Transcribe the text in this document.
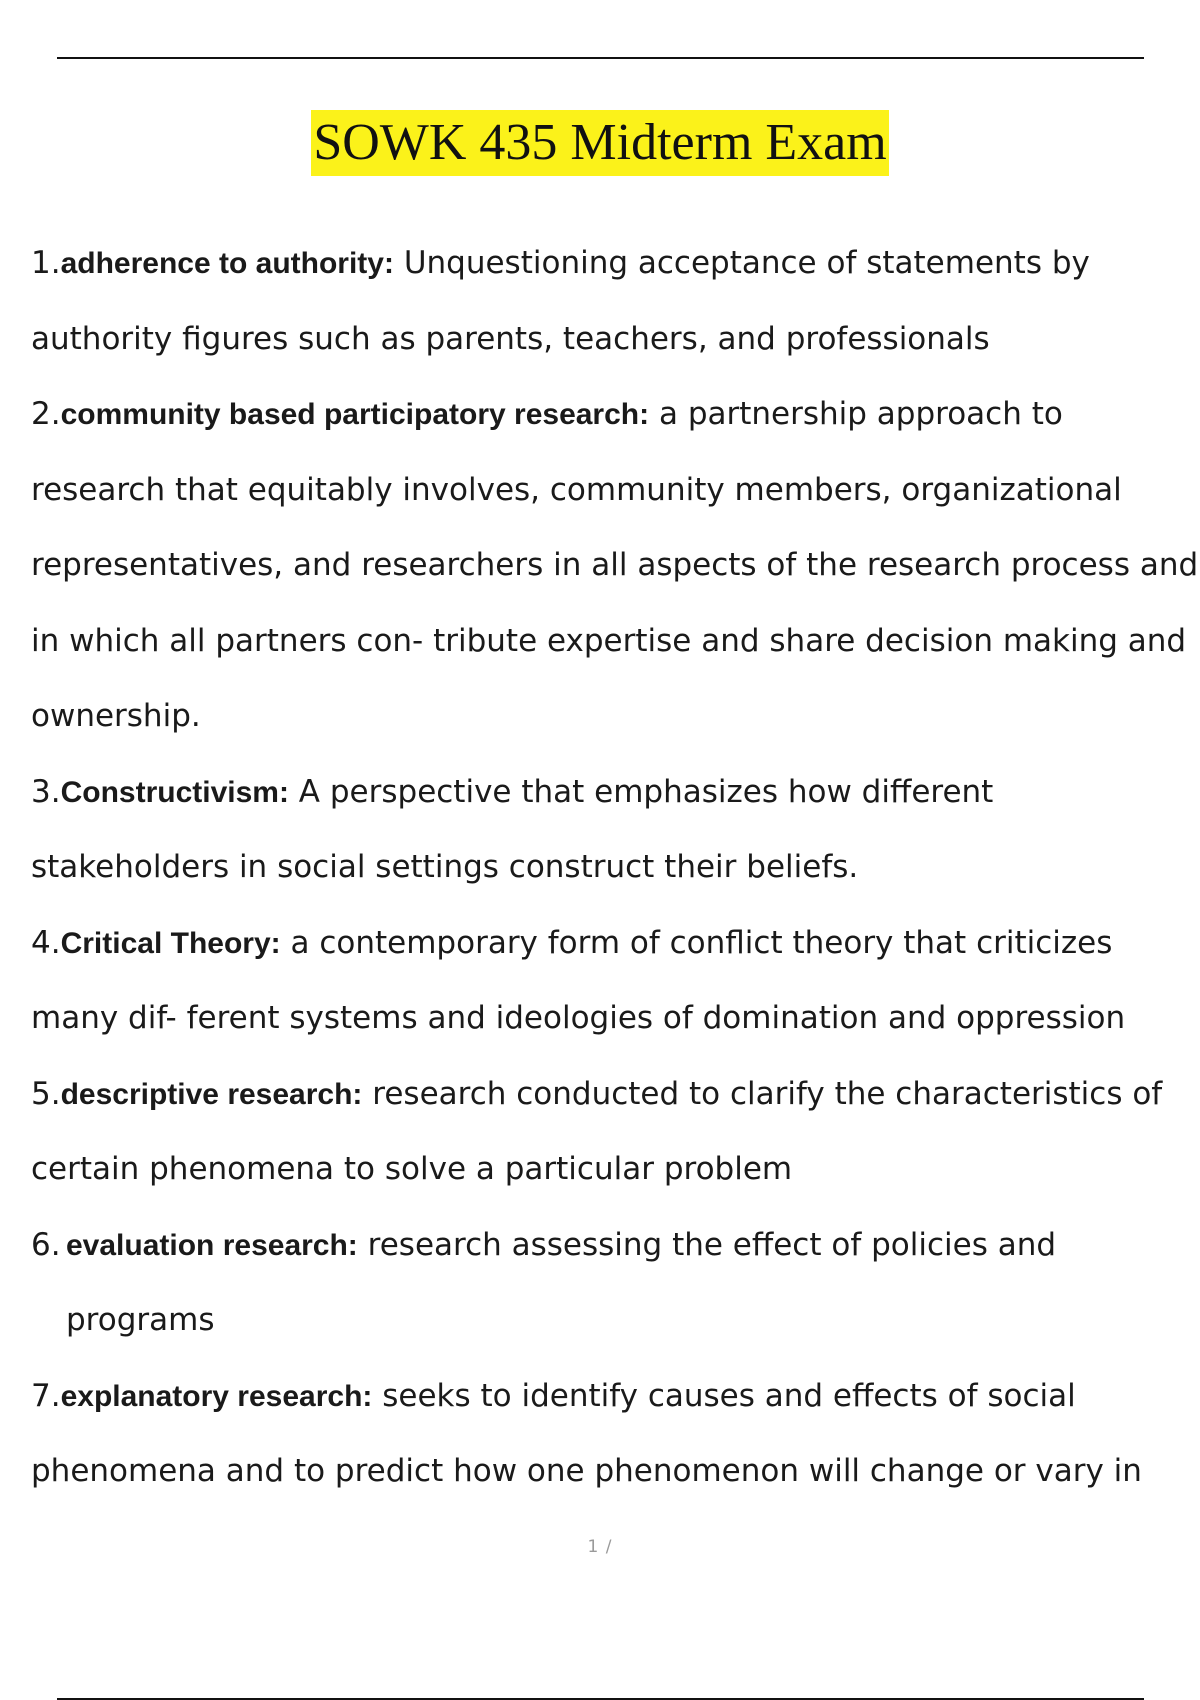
SOWK 435 Midterm Exam
1.adherence to authority: Unquestioning acceptance of statements by authority figures such as parents, teachers, and professionals
2.community based participatory research: a partnership approach to research that equitably involves, community members, organizational representatives, and researchers in all aspects of the research process and in which all partners con- tribute expertise and share decision making and ownership.
3.Constructivism: A perspective that emphasizes how different stakeholders in social settings construct their beliefs.
4.Critical Theory: a contemporary form of conflict theory that criticizes many dif- ferent systems and ideologies of domination and oppression
5.descriptive research: research conducted to clarify the characteristics of certain phenomena to solve a particular problem
6. evaluation research: research assessing the effect of policies and programs
7.explanatory research: seeks to identify causes and effects of social
phenomena and to predict how one phenomenon will change or vary in
1 /
